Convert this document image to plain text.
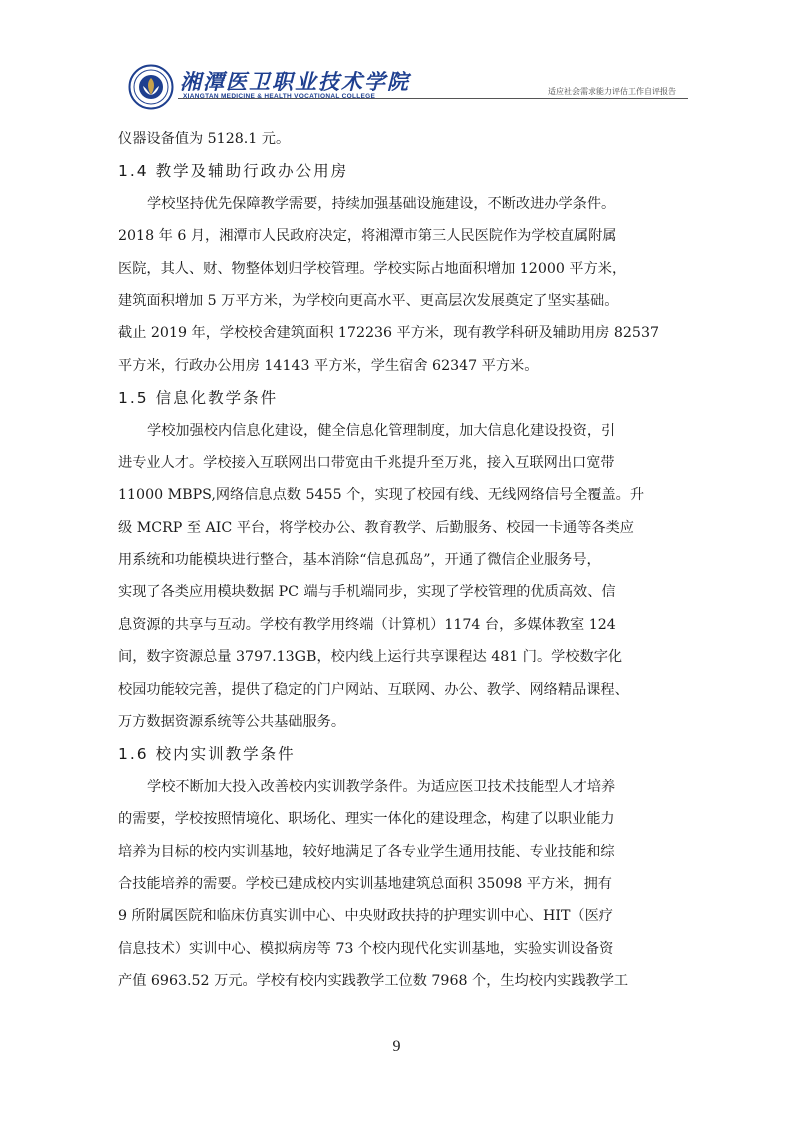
湘潭医卫职业技术学院
XIANGTAN MEDICINE & HEALTH VOCATIONAL COLLEGE
适应社会需求能力评估工作自评报告

仪器设备值为 5128.1 元。

1.4 教学及辅助行政办公用房

学校坚持优先保障教学需要，持续加强基础设施建设，不断改进办学条件。

2018 年 6 月，湘潭市人民政府决定，将湘潭市第三人民医院作为学校直属附属

医院，其人、财、物整体划归学校管理。学校实际占地面积增加 12000 平方米，

建筑面积增加 5 万平方米，为学校向更高水平、更高层次发展奠定了坚实基础。

截止 2019 年，学校校舍建筑面积 172236 平方米，现有教学科研及辅助用房 82537

平方米，行政办公用房 14143 平方米，学生宿舍 62347 平方米。

1.5 信息化教学条件

学校加强校内信息化建设，健全信息化管理制度，加大信息化建设投资，引

进专业人才。学校接入互联网出口带宽由千兆提升至万兆，接入互联网出口宽带

11000 MBPS,网络信息点数 5455 个，实现了校园有线、无线网络信号全覆盖。升

级 MCRP 至 AIC 平台，将学校办公、教育教学、后勤服务、校园一卡通等各类应

用系统和功能模块进行整合，基本消除“信息孤岛”，开通了微信企业服务号，

实现了各类应用模块数据 PC 端与手机端同步，实现了学校管理的优质高效、信

息资源的共享与互动。学校有教学用终端（计算机）1174 台，多媒体教室 124

间，数字资源总量 3797.13GB，校内线上运行共享课程达 481 门。学校数字化

校园功能较完善，提供了稳定的门户网站、互联网、办公、教学、网络精品课程、

万方数据资源系统等公共基础服务。

1.6 校内实训教学条件

学校不断加大投入改善校内实训教学条件。为适应医卫技术技能型人才培养

的需要，学校按照情境化、职场化、理实一体化的建设理念，构建了以职业能力

培养为目标的校内实训基地，较好地满足了各专业学生通用技能、专业技能和综

合技能培养的需要。学校已建成校内实训基地建筑总面积 35098 平方米，拥有

9 所附属医院和临床仿真实训中心、中央财政扶持的护理实训中心、HIT（医疗

信息技术）实训中心、模拟病房等 73 个校内现代化实训基地，实验实训设备资

产值 6963.52 万元。学校有校内实践教学工位数 7968 个，生均校内实践教学工

9
